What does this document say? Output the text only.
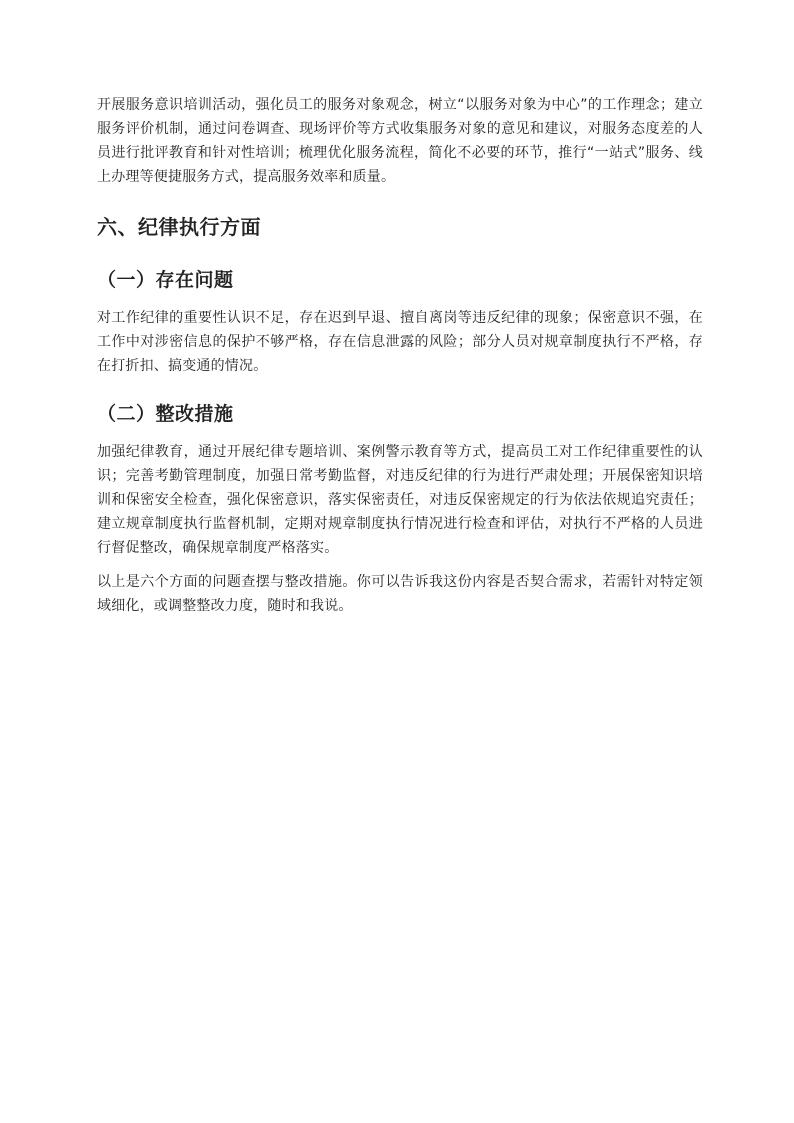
开展服务意识培训活动，强化员工的服务对象观念，树立“以服务对象为中心”的工作理念；建立服务评价机制，通过问卷调查、现场评价等方式收集服务对象的意见和建议，对服务态度差的人员进行批评教育和针对性培训；梳理优化服务流程，简化不必要的环节，推行“一站式”服务、线上办理等便捷服务方式，提高服务效率和质量。

六、纪律执行方面
（一）存在问题

对工作纪律的重要性认识不足，存在迟到早退、擅自离岗等违反纪律的现象；保密意识不强，在工作中对涉密信息的保护不够严格，存在信息泄露的风险；部分人员对规章制度执行不严格，存在打折扣、搞变通的情况。

（二）整改措施

加强纪律教育，通过开展纪律专题培训、案例警示教育等方式，提高员工对工作纪律重要性的认识；完善考勤管理制度，加强日常考勤监督，对违反纪律的行为进行严肃处理；开展保密知识培训和保密安全检查，强化保密意识，落实保密责任，对违反保密规定的行为依法依规追究责任；建立规章制度执行监督机制，定期对规章制度执行情况进行检查和评估，对执行不严格的人员进行督促整改，确保规章制度严格落实。

以上是六个方面的问题查摆与整改措施。你可以告诉我这份内容是否契合需求，若需针对特定领域细化，或调整整改力度，随时和我说。
